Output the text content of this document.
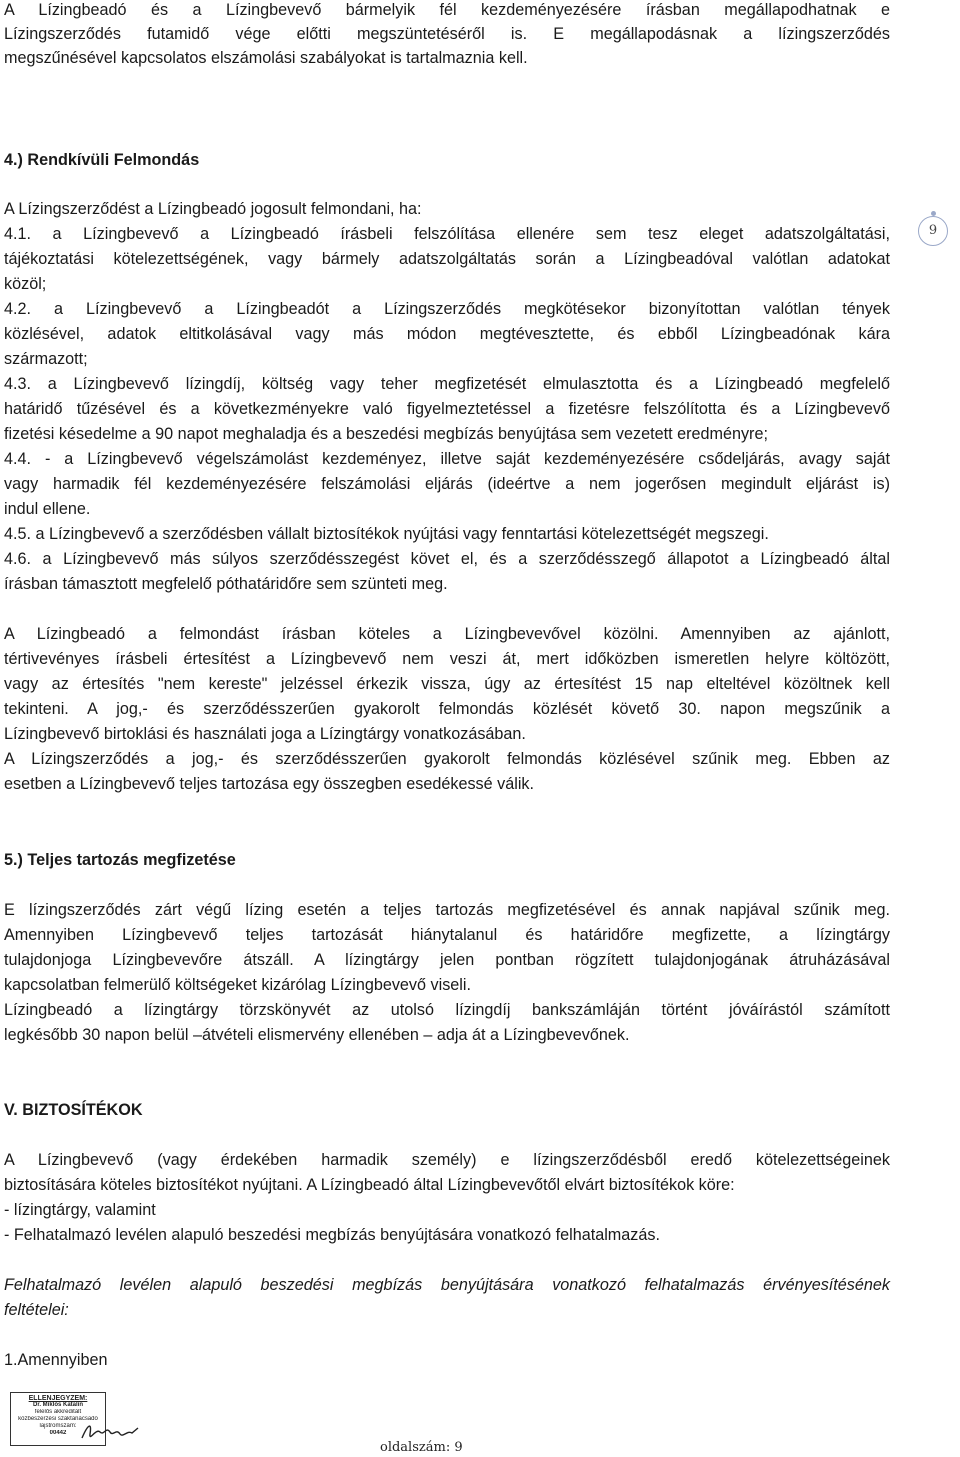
A Lízingbeadó és a Lízingbevevő bármelyik fél kezdeményezésére írásban megállapodhatnak e
Lízingszerződés futamidő vége előtti megszüntetéséről is. E megállapodásnak a lízingszerződés
megszűnésével kapcsolatos elszámolási szabályokat is tartalmaznia kell.
4.) Rendkívüli Felmondás
A Lízingszerződést a Lízingbeadó jogosult felmondani, ha:
4.1. a Lízingbevevő a Lízingbeadó írásbeli felszólítása ellenére sem tesz eleget adatszolgáltatási,
tájékoztatási kötelezettségének, vagy bármely adatszolgáltatás során a Lízingbeadóval valótlan adatokat
közöl;
4.2. a Lízingbevevő a Lízingbeadót a Lízingszerződés megkötésekor bizonyítottan valótlan tények
közlésével, adatok eltitkolásával vagy más módon megtévesztette, és ebből Lízingbeadónak kára
származott;
4.3. a Lízingbevevő lízingdíj, költség vagy teher megfizetését elmulasztotta és a Lízingbeadó megfelelő
határidő tűzésével és a következményekre való figyelmeztetéssel a fizetésre felszólította és a Lízingbevevő
fizetési késedelme a 90 napot meghaladja és a beszedési megbízás benyújtása sem vezetett eredményre;
4.4. - a Lízingbevevő végelszámolást kezdeményez, illetve saját kezdeményezésére csődeljárás, avagy saját
vagy harmadik fél kezdeményezésére felszámolási eljárás (ideértve a nem jogerősen megindult eljárást is)
indul ellene.
4.5. a Lízingbevevő a szerződésben vállalt biztosítékok nyújtási vagy fenntartási kötelezettségét megszegi.
4.6. a Lízingbevevő más súlyos szerződésszegést követ el, és a szerződésszegő állapotot a Lízingbeadó által
írásban támasztott megfelelő póthatáridőre sem szünteti meg.
A Lízingbeadó a felmondást írásban köteles a Lízingbevevővel közölni. Amennyiben az ajánlott,
tértivevényes írásbeli értesítést a Lízingbevevő nem veszi át, mert időközben ismeretlen helyre költözött,
vagy az értesítés "nem kereste" jelzéssel érkezik vissza, úgy az értesítést 15 nap elteltével közöltnek kell
tekinteni. A jog,- és szerződésszerűen gyakorolt felmondás közlését követő 30. napon megszűnik a
Lízingbevevő birtoklási és használati joga a Lízingtárgy vonatkozásában.
A Lízingszerződés a jog,- és szerződésszerűen gyakorolt felmondás közlésével szűnik meg. Ebben az
esetben a Lízingbevevő teljes tartozása egy összegben esedékessé válik.
5.) Teljes tartozás megfizetése
E lízingszerződés zárt végű lízing esetén a teljes tartozás megfizetésével és annak napjával szűnik meg.
Amennyiben Lízingbevevő teljes tartozását hiánytalanul és határidőre megfizette, a lízingtárgy
tulajdonjoga Lízingbevevőre átszáll. A lízingtárgy jelen pontban rögzített tulajdonjogának átruházásával
kapcsolatban felmerülő költségeket kizárólag Lízingbevevő viseli.
Lízingbeadó a lízingtárgy törzskönyvét az utolsó lízingdíj bankszámláján történt jóváírástól számított
legkésőbb 30 napon belül –átvételi elismervény ellenében – adja át a Lízingbevevőnek.
V. BIZTOSÍTÉKOK
A Lízingbevevő (vagy érdekében harmadik személy) e lízingszerződésből eredő kötelezettségeinek
biztosítására köteles biztosítékot nyújtani. A Lízingbeadó által Lízingbevevőtől elvárt biztosítékok köre:
- lízingtárgy, valamint
- Felhatalmazó levélen alapuló beszedési megbízás benyújtására vonatkozó felhatalmazás.
Felhatalmazó levélen alapuló beszedési megbízás benyújtására vonatkozó felhatalmazás érvényesítésének
feltételei:
1.Amennyiben
9
ELLENJEGYZEM:
Dr. Miklós Katalin
felelős akkreditált
közbeszerzési szaktanácsadó
lajstromszám:
00442
oldalszám: 9
